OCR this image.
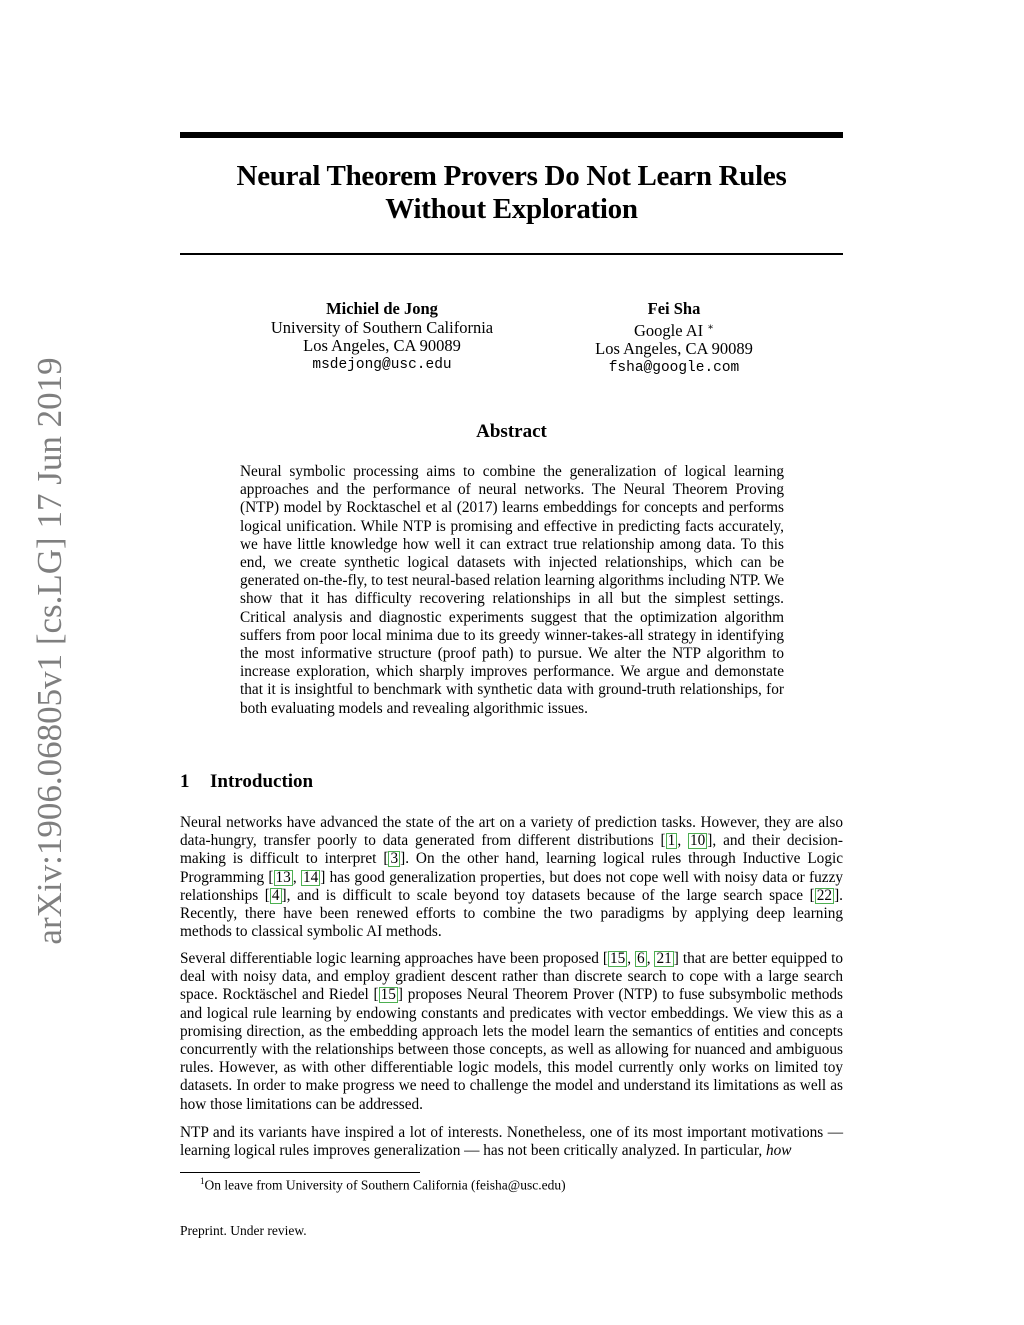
arXiv:1906.06805v1 [cs.LG] 17 Jun 2019
Neural Theorem Provers Do Not Learn Rules
Without Exploration
Michiel de Jong
University of Southern California
Los Angeles, CA 90089
msdejong@usc.edu
Fei Sha
Google AI ∗
Los Angeles, CA 90089
fsha@google.com
Abstract
Neural symbolic processing aims to combine the generalization of logical learning approaches and the performance of neural networks. The Neural Theorem Proving (NTP) model by Rocktaschel et al (2017) learns embeddings for concepts and performs logical unification. While NTP is promising and effective in predicting facts accurately, we have little knowledge how well it can extract true relationship among data. To this end, we create synthetic logical datasets with injected relationships, which can be generated on-the-fly, to test neural-based relation learning algorithms including NTP. We show that it has difficulty recovering relationships in all but the simplest settings. Critical analysis and diagnostic experiments suggest that the optimization algorithm suffers from poor local minima due to its greedy winner-takes-all strategy in identifying the most informative structure (proof path) to pursue. We alter the NTP algorithm to increase exploration, which sharply improves performance. We argue and demonstate that it is insightful to benchmark with synthetic data with ground-truth relationships, for both evaluating models and revealing algorithmic issues.
1 Introduction
Neural networks have advanced the state of the art on a variety of prediction tasks. However, they are also data-hungry, transfer poorly to data generated from different distributions [ 1 , 10 ], and their decision-making is difficult to interpret [ 3 ]. On the other hand, learning logical rules through Inductive Logic Programming [ 13 , 14 ] has good generalization properties, but does not cope well with noisy data or fuzzy relationships [ 4 ], and is difficult to scale beyond toy datasets because of the large search space [ 22 ]. Recently, there have been renewed efforts to combine the two paradigms by applying deep learning methods to classical symbolic AI methods.
Several differentiable logic learning approaches have been proposed [ 15 , 6 , 21 ] that are better equipped to deal with noisy data, and employ gradient descent rather than discrete search to cope with a large search space. Rocktäschel and Riedel [ 15 ] proposes Neural Theorem Prover (NTP) to fuse subsymbolic methods and logical rule learning by endowing constants and predicates with vector embeddings. We view this as a promising direction, as the embedding approach lets the model learn the semantics of entities and concepts concurrently with the relationships between those concepts, as well as allowing for nuanced and ambiguous rules. However, as with other differentiable logic models, this model currently only works on limited toy datasets. In order to make progress we need to challenge the model and understand its limitations as well as how those limitations can be addressed.
NTP and its variants have inspired a lot of interests. Nonetheless, one of its most important motivations — learning logical rules improves generalization — has not been critically analyzed. In particular, how
$^1$On leave from University of Southern California (feisha@usc.edu)
Preprint. Under review.
